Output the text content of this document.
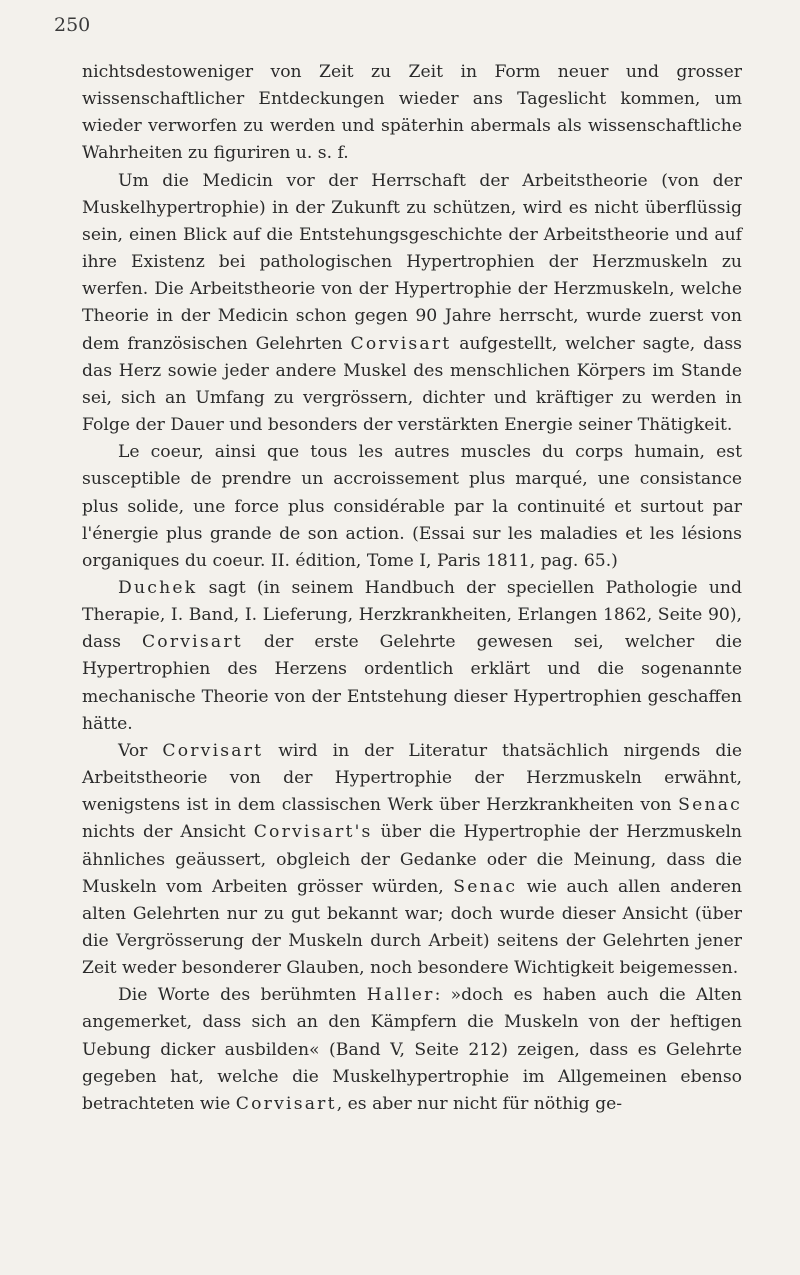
250

nichtsdestoweniger von Zeit zu Zeit in Form neuer und grosser wissenschaftlicher Entdeckungen wieder ans Tageslicht kommen, um wieder verworfen zu werden und späterhin abermals als wissenschaftliche Wahrheiten zu figuriren u. s. f.

Um die Medicin vor der Herrschaft der Arbeitstheorie (von der Muskelhypertrophie) in der Zukunft zu schützen, wird es nicht überflüssig sein, einen Blick auf die Entstehungsgeschichte der Arbeitstheorie und auf ihre Existenz bei pathologischen Hypertrophien der Herzmuskeln zu werfen. Die Arbeitstheorie von der Hypertrophie der Herzmuskeln, welche Theorie in der Medicin schon gegen 90 Jahre herrscht, wurde zuerst von dem französischen Gelehrten Corvisart aufgestellt, welcher sagte, dass das Herz sowie jeder andere Muskel des menschlichen Körpers im Stande sei, sich an Umfang zu vergrössern, dichter und kräftiger zu werden in Folge der Dauer und besonders der verstärkten Energie seiner Thätigkeit.

Le coeur, ainsi que tous les autres muscles du corps humain, est susceptible de prendre un accroissement plus marqué, une consistance plus solide, une force plus considérable par la continuité et surtout par l'énergie plus grande de son action. (Essai sur les maladies et les lésions organiques du coeur. II. édition, Tome I, Paris 1811, pag. 65.)

Duchek sagt (in seinem Handbuch der speciellen Pathologie und Therapie, I. Band, I. Lieferung, Herzkrankheiten, Erlangen 1862, Seite 90), dass Corvisart der erste Gelehrte gewesen sei, welcher die Hypertrophien des Herzens ordentlich erklärt und die sogenannte mechanische Theorie von der Entstehung dieser Hypertrophien geschaffen hätte.

Vor Corvisart wird in der Literatur thatsächlich nirgends die Arbeitstheorie von der Hypertrophie der Herzmuskeln erwähnt, wenigstens ist in dem classischen Werk über Herzkrankheiten von Senac nichts der Ansicht Corvisart's über die Hypertrophie der Herzmuskeln ähnliches geäussert, obgleich der Gedanke oder die Meinung, dass die Muskeln vom Arbeiten grösser würden, Senac wie auch allen anderen alten Gelehrten nur zu gut bekannt war; doch wurde dieser Ansicht (über die Vergrösserung der Muskeln durch Arbeit) seitens der Gelehrten jener Zeit weder besonderer Glauben, noch besondere Wichtigkeit beigemessen.

Die Worte des berühmten Haller: »doch es haben auch die Alten angemerket, dass sich an den Kämpfern die Muskeln von der heftigen Uebung dicker ausbilden« (Band V, Seite 212) zeigen, dass es Gelehrte gegeben hat, welche die Muskelhypertrophie im Allgemeinen ebenso betrachteten wie Corvisart, es aber nur nicht für nöthig ge-
